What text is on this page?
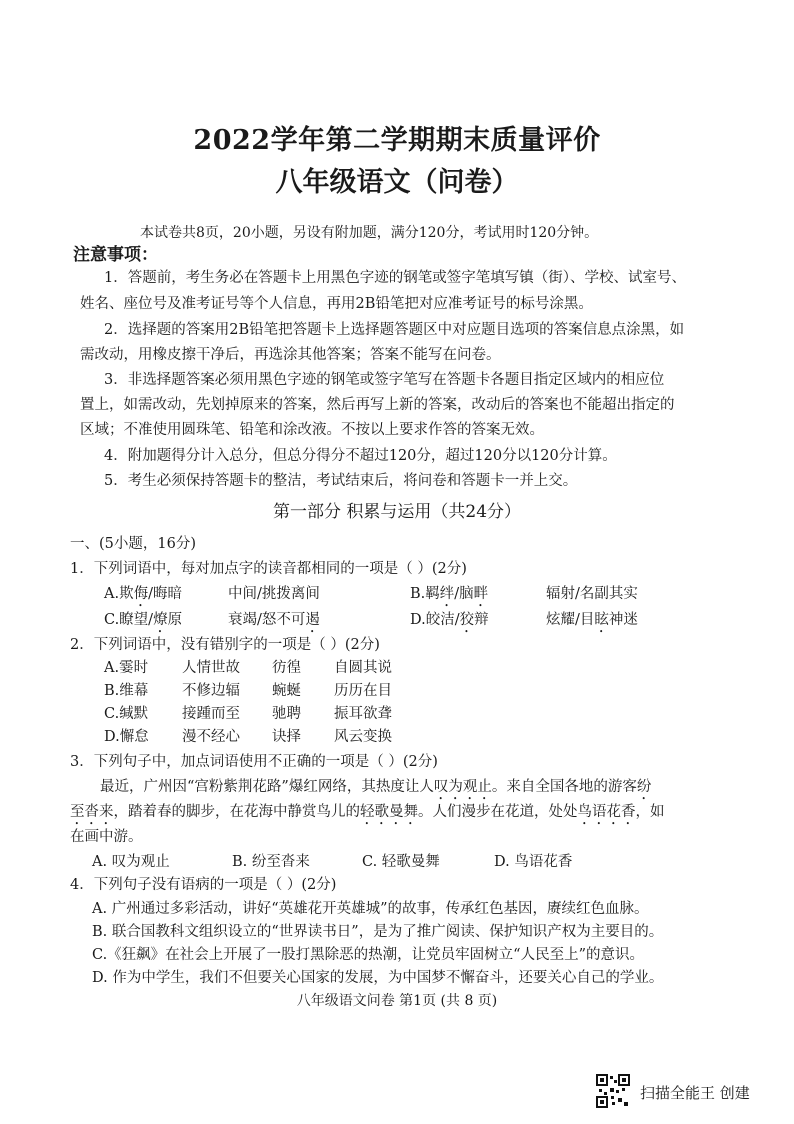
2022学年第二学期期末质量评价
八年级语文（问卷）
本试卷共8页，20小题，另设有附加题，满分120分，考试用时120分钟。
注意事项：
1．答题前，考生务必在答题卡上用黑色字迹的钢笔或签字笔填写镇（街）、学校、试室号、
姓名、座位号及准考证号等个人信息，再用2B铅笔把对应准考证号的标号涂黑。
2．选择题的答案用2B铅笔把答题卡上选择题答题区中对应题目选项的答案信息点涂黑，如
需改动，用橡皮擦干净后，再选涂其他答案；答案不能写在问卷。
3．非选择题答案必须用黑色字迹的钢笔或签字笔写在答题卡各题目指定区域内的相应位
置上，如需改动，先划掉原来的答案，然后再写上新的答案，改动后的答案也不能超出指定的
区域；不准使用圆珠笔、铅笔和涂改液。不按以上要求作答的答案无效。
4．附加题得分计入总分，但总分得分不超过120分，超过120分以120分计算。
5．考生必须保持答题卡的整洁，考试结束后，将问卷和答题卡一并上交。
第一部分 积累与运用（共24分）
一、(5小题，16分)
1．下列词语中，每对加点字的读音都相同的一项是（ ）(2分)
A.欺侮/晦暗	中间/挑拨离间	B.羁绊/脑畔	辐射/名副其实
C.瞭望/燎原	衰竭/怒不可遏	D.皎洁/狡辩	炫耀/目眩神迷
2．下列词语中，没有错别字的一项是（ ）(2分)
A.霎时 人情世故 彷徨 自圆其说
B.维幕 不修边辐 蜿蜒 历历在目
C.缄默 接踵而至 驰聘 振耳欲聋
D.懈怠 漫不经心 诀择 风云变换
3．下列句子中，加点词语使用不正确的一项是（ ）(2分)
最近，广州因“宫粉紫荆花路”爆红网络，其热度让人叹为观止。来自全国各地的游客纷
至沓来，踏着春的脚步，在花海中静赏鸟儿的轻歌曼舞。人们漫步在花道，处处鸟语花香，如
在画中游。
A. 叹为观止	B. 纷至沓来	C. 轻歌曼舞	D. 鸟语花香
4．下列句子没有语病的一项是（ ）(2分)
A. 广州通过多彩活动，讲好“英雄花开英雄城”的故事，传承红色基因，赓续红色血脉。
B. 联合国教科文组织设立的“世界读书日”，是为了推广阅读、保护知识产权为主要目的。
C.《狂飙》在社会上开展了一股打黑除恶的热潮，让党员牢固树立“人民至上”的意识。
D. 作为中学生，我们不但要关心国家的发展，为中国梦不懈奋斗，还要关心自己的学业。
八年级语文问卷 第1页 (共 8 页)
扫描全能王 创建
